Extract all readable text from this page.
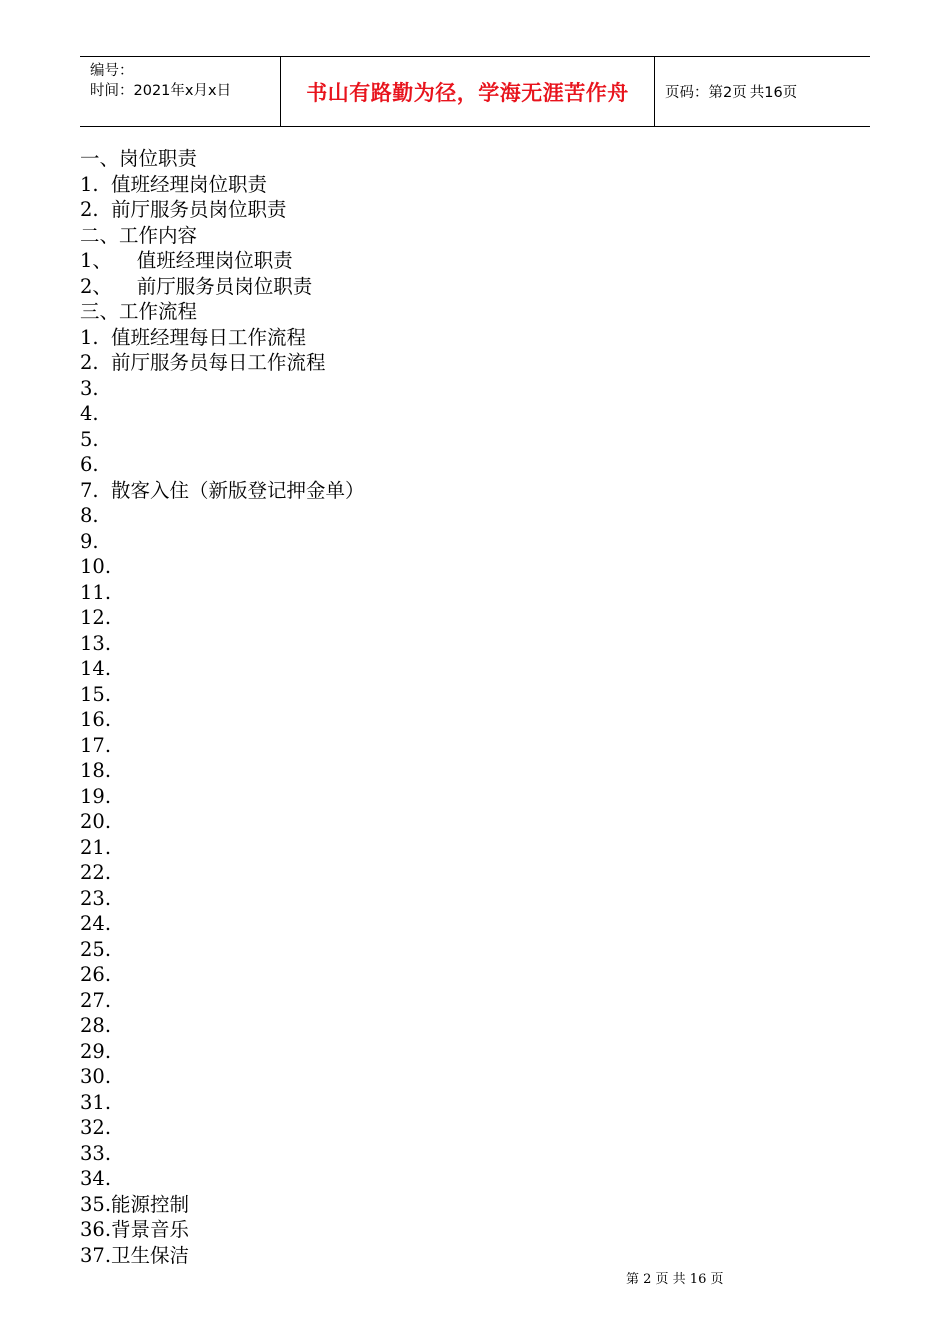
编号：
时间：2021年x月x日	书山有路勤为径，学海无涯苦作舟	页码：第2页 共16页
一、岗位职责
1.  值班经理岗位职责
2.  前厅服务员岗位职责
二、工作内容
1、    值班经理岗位职责
2、    前厅服务员岗位职责
三、工作流程
1.  值班经理每日工作流程
2.  前厅服务员每日工作流程
3.
4.
5.
6.
7.  散客入住（新版登记押金单）
8.
9.
10.
11.
12.
13.
14.
15.
16.
17.
18.
19.
20.
21.
22.
23.
24.
25.
26.
27.
28.
29.
30.
31.
32.
33.
34.
35.能源控制
36.背景音乐
37.卫生保洁
第 2 页 共 16 页
